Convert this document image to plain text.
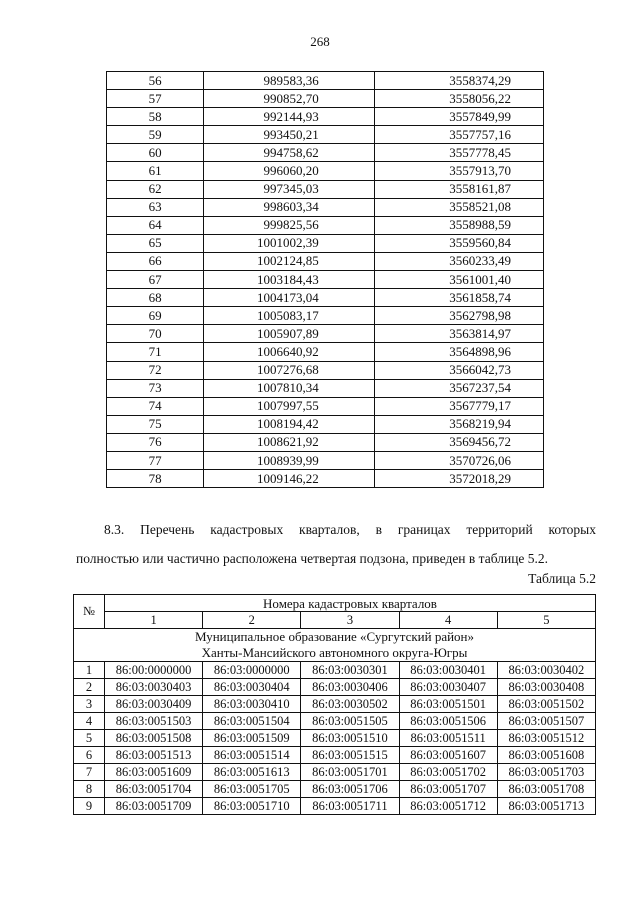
268
56	989583,36	3558374,29
57	990852,70	3558056,22
58	992144,93	3557849,99
59	993450,21	3557757,16
60	994758,62	3557778,45
61	996060,20	3557913,70
62	997345,03	3558161,87
63	998603,34	3558521,08
64	999825,56	3558988,59
65	1001002,39	3559560,84
66	1002124,85	3560233,49
67	1003184,43	3561001,40
68	1004173,04	3561858,74
69	1005083,17	3562798,98
70	1005907,89	3563814,97
71	1006640,92	3564898,96
72	1007276,68	3566042,73
73	1007810,34	3567237,54
74	1007997,55	3567779,17
75	1008194,42	3568219,94
76	1008621,92	3569456,72
77	1008939,99	3570726,06
78	1009146,22	3572018,29
8.3. Перечень кадастровых кварталов, в границах территорий которых
полностью или частично расположена четвертая подзона, приведен в таблице 5.2.
Таблица 5.2
№	Номера кадастровых кварталов				
	1	2	3	4	5

Муниципальное образование «Сургутский район»
Ханты-Мансийского автономного округа-Югры					

1	86:00:0000000	86:03:0000000	86:03:0030301	86:03:0030401	86:03:0030402
2	86:03:0030403	86:03:0030404	86:03:0030406	86:03:0030407	86:03:0030408
3	86:03:0030409	86:03:0030410	86:03:0030502	86:03:0051501	86:03:0051502
4	86:03:0051503	86:03:0051504	86:03:0051505	86:03:0051506	86:03:0051507
5	86:03:0051508	86:03:0051509	86:03:0051510	86:03:0051511	86:03:0051512
6	86:03:0051513	86:03:0051514	86:03:0051515	86:03:0051607	86:03:0051608
7	86:03:0051609	86:03:0051613	86:03:0051701	86:03:0051702	86:03:0051703
8	86:03:0051704	86:03:0051705	86:03:0051706	86:03:0051707	86:03:0051708
9	86:03:0051709	86:03:0051710	86:03:0051711	86:03:0051712	86:03:0051713
